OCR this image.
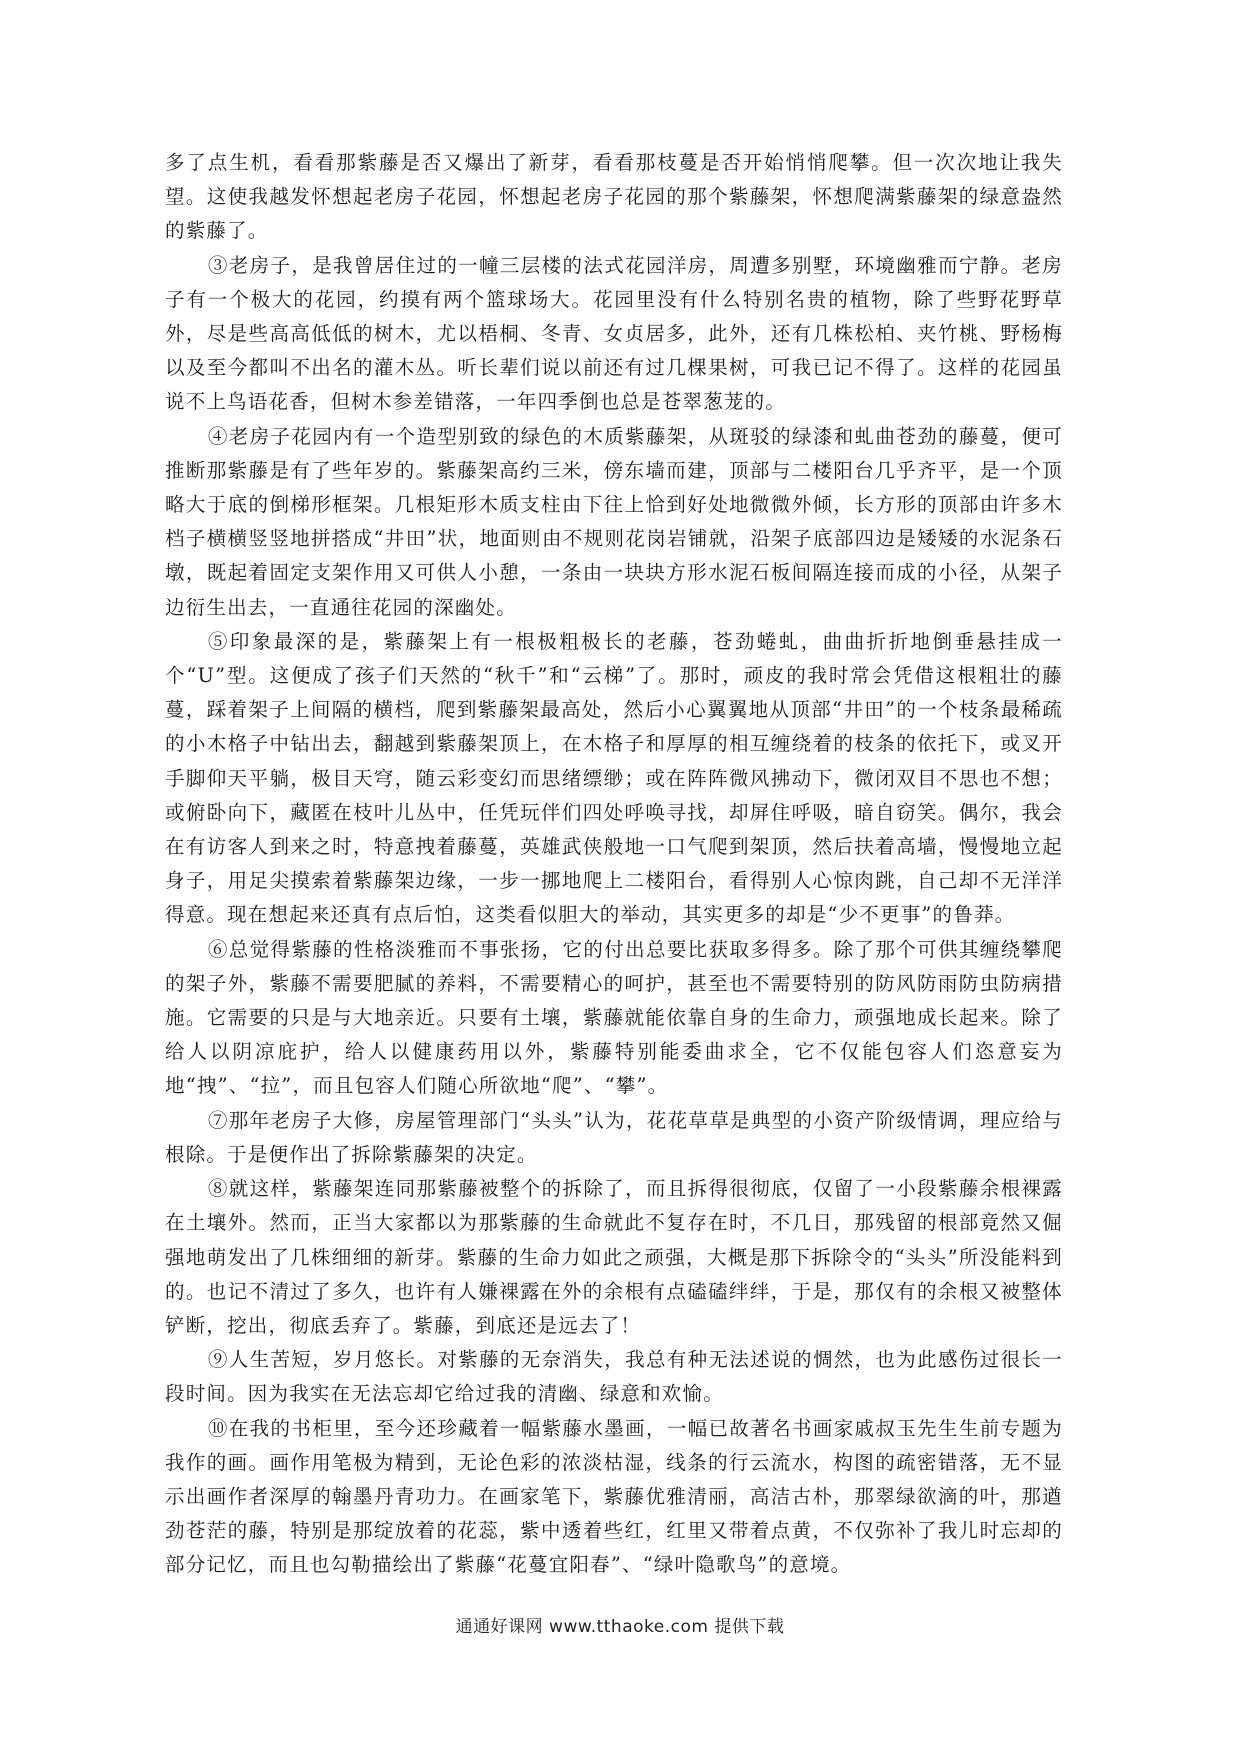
多了点生机，看看那紫藤是否又爆出了新芽，看看那枝蔓是否开始悄悄爬攀。但一次次地让我失望。这使我越发怀想起老房子花园，怀想起老房子花园的那个紫藤架，怀想爬满紫藤架的绿意盎然的紫藤了。

③老房子，是我曾居住过的一幢三层楼的法式花园洋房，周遭多别墅，环境幽雅而宁静。老房子有一个极大的花园，约摸有两个篮球场大。花园里没有什么特别名贵的植物，除了些野花野草外，尽是些高高低低的树木，尤以梧桐、冬青、女贞居多，此外，还有几株松柏、夹竹桃、野杨梅以及至今都叫不出名的灌木丛。听长辈们说以前还有过几棵果树，可我已记不得了。这样的花园虽说不上鸟语花香，但树木参差错落，一年四季倒也总是苍翠葱茏的。

④老房子花园内有一个造型别致的绿色的木质紫藤架，从斑驳的绿漆和虬曲苍劲的藤蔓，便可推断那紫藤是有了些年岁的。紫藤架高约三米，傍东墙而建，顶部与二楼阳台几乎齐平，是一个顶略大于底的倒梯形框架。几根矩形木质支柱由下往上恰到好处地微微外倾，长方形的顶部由许多木档子横横竖竖地拼搭成“井田”状，地面则由不规则花岗岩铺就，沿架子底部四边是矮矮的水泥条石墩，既起着固定支架作用又可供人小憩，一条由一块块方形水泥石板间隔连接而成的小径，从架子边衍生出去，一直通往花园的深幽处。

⑤印象最深的是，紫藤架上有一根极粗极长的老藤，苍劲蜷虬，曲曲折折地倒垂悬挂成一个“U”型。这便成了孩子们天然的“秋千”和“云梯”了。那时，顽皮的我时常会凭借这根粗壮的藤蔓，踩着架子上间隔的横档，爬到紫藤架最高处，然后小心翼翼地从顶部“井田”的一个枝条最稀疏的小木格子中钻出去，翻越到紫藤架顶上，在木格子和厚厚的相互缠绕着的枝条的依托下，或叉开手脚仰天平躺，极目天穹，随云彩变幻而思绪缥缈；或在阵阵微风拂动下，微闭双目不思也不想；或俯卧向下，藏匿在枝叶儿丛中，任凭玩伴们四处呼唤寻找，却屏住呼吸，暗自窃笑。偶尔，我会在有访客人到来之时，特意拽着藤蔓，英雄武侠般地一口气爬到架顶，然后扶着高墙，慢慢地立起身子，用足尖摸索着紫藤架边缘，一步一挪地爬上二楼阳台，看得别人心惊肉跳，自己却不无洋洋得意。现在想起来还真有点后怕，这类看似胆大的举动，其实更多的却是“少不更事”的鲁莽。

⑥总觉得紫藤的性格淡雅而不事张扬，它的付出总要比获取多得多。除了那个可供其缠绕攀爬的架子外，紫藤不需要肥腻的养料，不需要精心的呵护，甚至也不需要特别的防风防雨防虫防病措施。它需要的只是与大地亲近。只要有土壤，紫藤就能依靠自身的生命力，顽强地成长起来。除了给人以阴凉庇护，给人以健康药用以外，紫藤特别能委曲求全，它不仅能包容人们恣意妄为地“拽”、“拉”，而且包容人们随心所欲地“爬”、“攀”。

⑦那年老房子大修，房屋管理部门“头头”认为，花花草草是典型的小资产阶级情调，理应给与根除。于是便作出了拆除紫藤架的决定。

⑧就这样，紫藤架连同那紫藤被整个的拆除了，而且拆得很彻底，仅留了一小段紫藤余根裸露在土壤外。然而，正当大家都以为那紫藤的生命就此不复存在时，不几日，那残留的根部竟然又倔强地萌发出了几株细细的新芽。紫藤的生命力如此之顽强，大概是那下拆除令的“头头”所没能料到的。也记不清过了多久，也许有人嫌裸露在外的余根有点磕磕绊绊，于是，那仅有的余根又被整体铲断，挖出，彻底丢弃了。紫藤，到底还是远去了！

⑨人生苦短，岁月悠长。对紫藤的无奈消失，我总有种无法述说的惆然，也为此感伤过很长一段时间。因为我实在无法忘却它给过我的清幽、绿意和欢愉。

⑩在我的书柜里，至今还珍藏着一幅紫藤水墨画，一幅已故著名书画家戚叔玉先生生前专题为我作的画。画作用笔极为精到，无论色彩的浓淡枯湿，线条的行云流水，构图的疏密错落，无不显示出画作者深厚的翰墨丹青功力。在画家笔下，紫藤优雅清丽，高洁古朴，那翠绿欲滴的叶，那遒劲苍茫的藤，特别是那绽放着的花蕊，紫中透着些红，红里又带着点黄，不仅弥补了我儿时忘却的部分记忆，而且也勾勒描绘出了紫藤“花蔓宜阳春”、“绿叶隐歌鸟”的意境。

通通好课网 www.tthaoke.com 提供下载
